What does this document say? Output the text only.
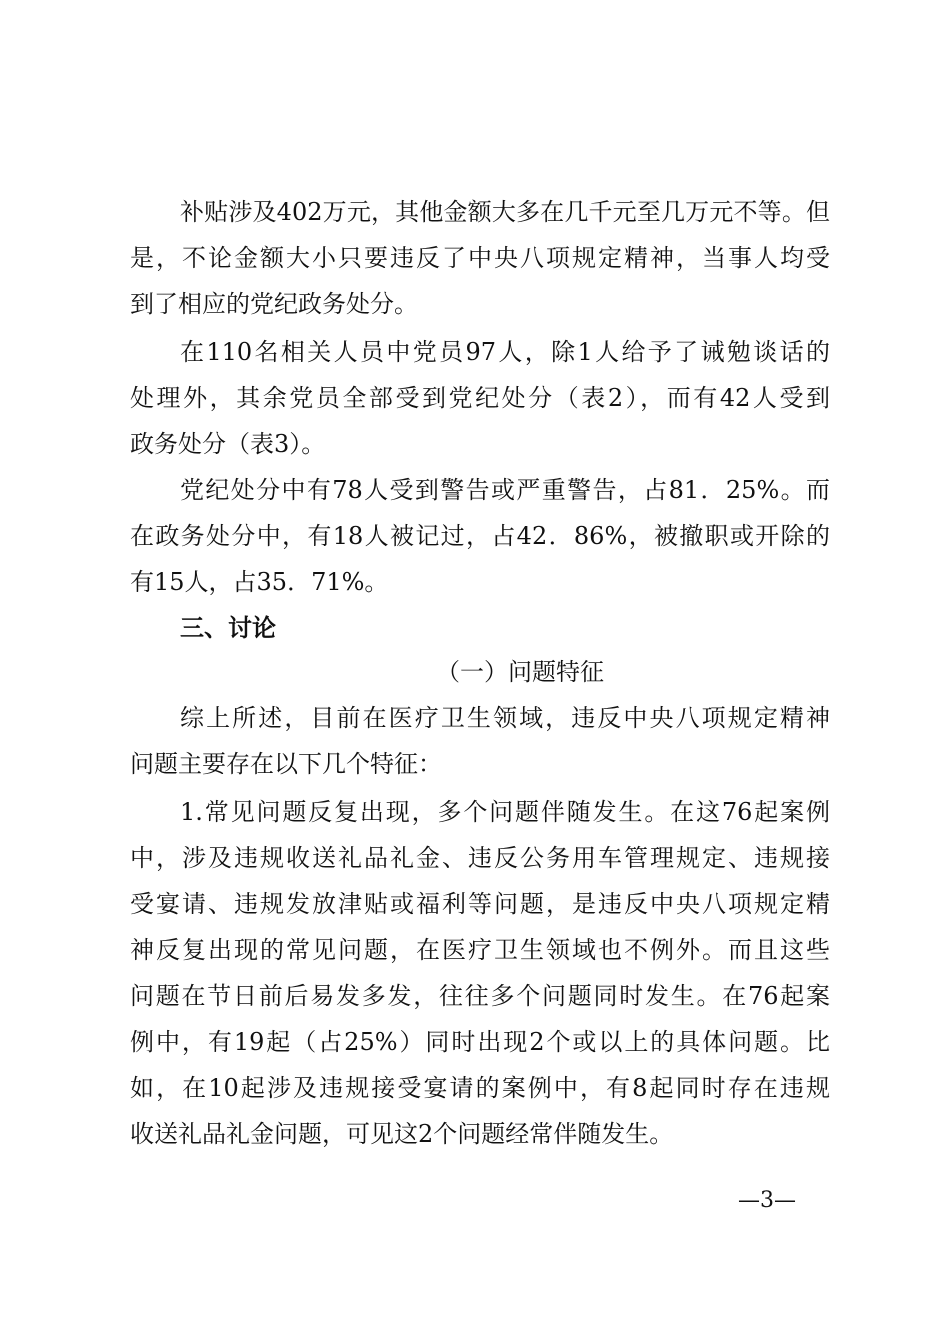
补贴涉及402万元，其他金额大多在几千元至几万元不等。但
是，不论金额大小只要违反了中央八项规定精神，当事人均受
到了相应的党纪政务处分。
在110名相关人员中党员97人，除1人给予了诫勉谈话的
处理外，其余党员全部受到党纪处分（表2），而有42人受到
政务处分（表3）。
党纪处分中有78人受到警告或严重警告，占81．25%。而
在政务处分中，有18人被记过，占42．86%，被撤职或开除的
有15人，占35．71%。
三、讨论
（一）问题特征
综上所述，目前在医疗卫生领域，违反中央八项规定精神
问题主要存在以下几个特征：
1.常见问题反复出现，多个问题伴随发生。在这76起案例
中，涉及违规收送礼品礼金、违反公务用车管理规定、违规接
受宴请、违规发放津贴或福利等问题，是违反中央八项规定精
神反复出现的常见问题，在医疗卫生领域也不例外。而且这些
问题在节日前后易发多发，往往多个问题同时发生。在76起案
例中，有19起（占25%）同时出现2个或以上的具体问题。比
如，在10起涉及违规接受宴请的案例中，有8起同时存在违规
收送礼品礼金问题，可见这2个问题经常伴随发生。
—3—
